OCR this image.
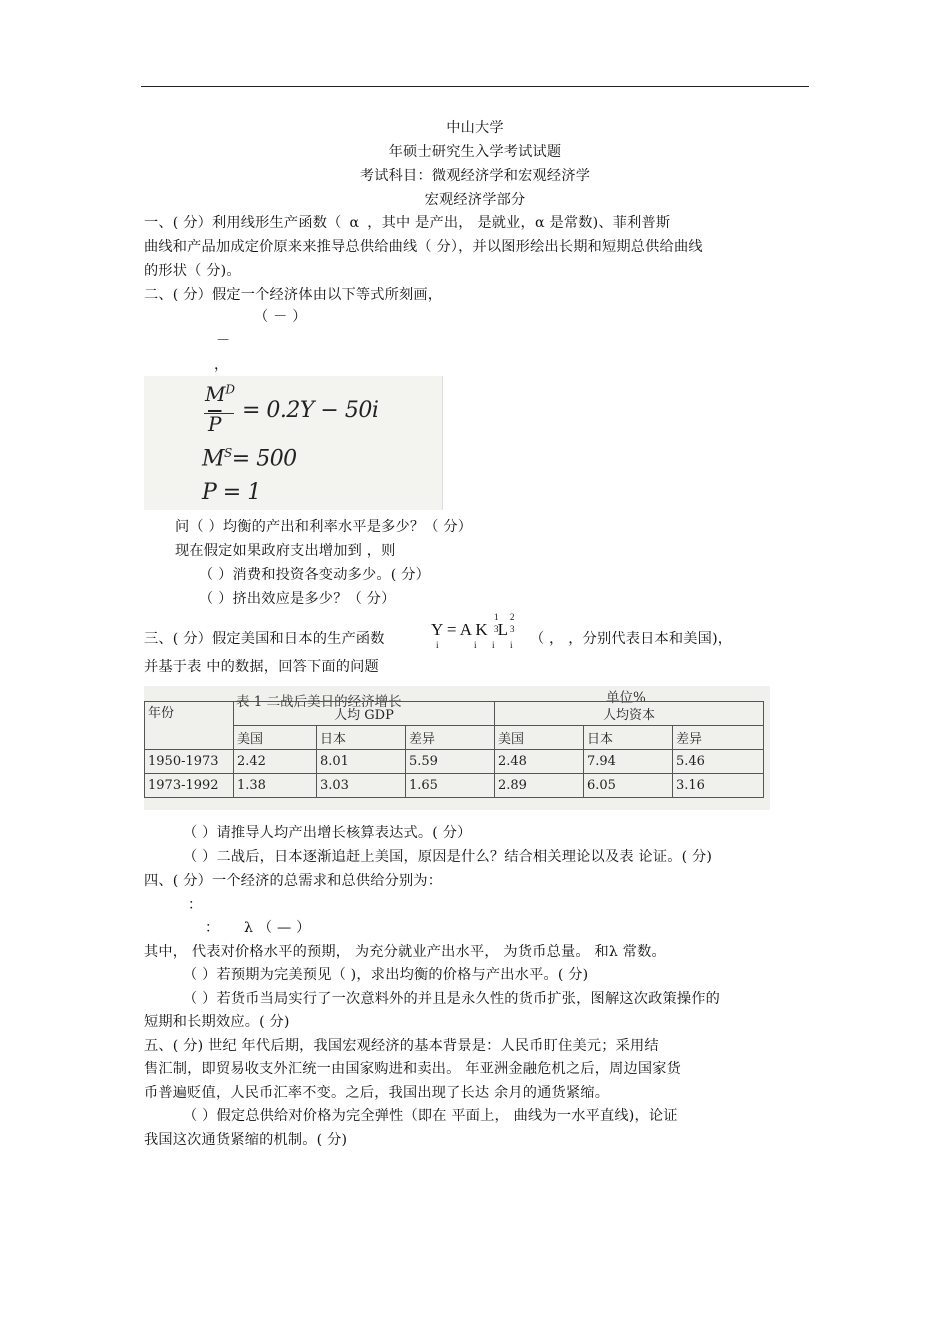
中山大学
年硕士研究生入学考试试题
考试科目：微观经济学和宏观经济学
宏观经济学部分
一、( 分）利用线形生产函数（ α ，其中 是产出， 是就业，α 是常数)、菲利普斯
曲线和产品加成定价原来来推导总供给曲线（ 分），并以图形绘出长期和短期总供给曲线
的形状（ 分)。
二、( 分）假定一个经济体由以下等式所刻画，
（ － ）
－
，
$M^D$
$\overline{P}$
= 0.2Y − 50i
$M^S= 500$
P = 1
问（ ）均衡的产出和利率水平是多少？（ 分）
现在假定如果政府支出增加到 ，则
（ ）消费和投资各变动多少。( 分）
（ ）挤出效应是多少？（ 分）
三、( 分）假定美国和日本的生产函数	Y = A K L
1
3
2
3
i	i i i （ ， ，分别代表日本和美国)，
并基于表 中的数据，回答下面的问题
表 1 二战后美日的经济增长	单位%
年份	人均 GDP			人均资本		
	美国	日本	差异	美国	日本	差异
1950-1973	2.42	8.01	5.59	2.48	7.94	5.46
1973-1992	1.38	3.03	1.65	2.89	6.05	3.16
（ ）请推导人均产出增长核算表达式。( 分）
（ ）二战后，日本逐渐追赶上美国，原因是什么？结合相关理论以及表 论证。( 分)
四、( 分）一个经济的总需求和总供给分别为：
：
： λ （ — ）
其中， 代表对价格水平的预期， 为充分就业产出水平， 为货币总量。 和λ 常数。
（ ）若预期为完美预见（ )，求出均衡的价格与产出水平。( 分)
（ ）若货币当局实行了一次意料外的并且是永久性的货币扩张，图解这次政策操作的
短期和长期效应。( 分)
五、( 分) 世纪 年代后期，我国宏观经济的基本背景是：人民币盯住美元；采用结
售汇制，即贸易收支外汇统一由国家购进和卖出。 年亚洲金融危机之后，周边国家货
币普遍贬值，人民币汇率不变。之后，我国出现了长达 余月的通货紧缩。
（ ）假定总供给对价格为完全弹性（即在 平面上， 曲线为一水平直线)，论证
我国这次通货紧缩的机制。( 分)
